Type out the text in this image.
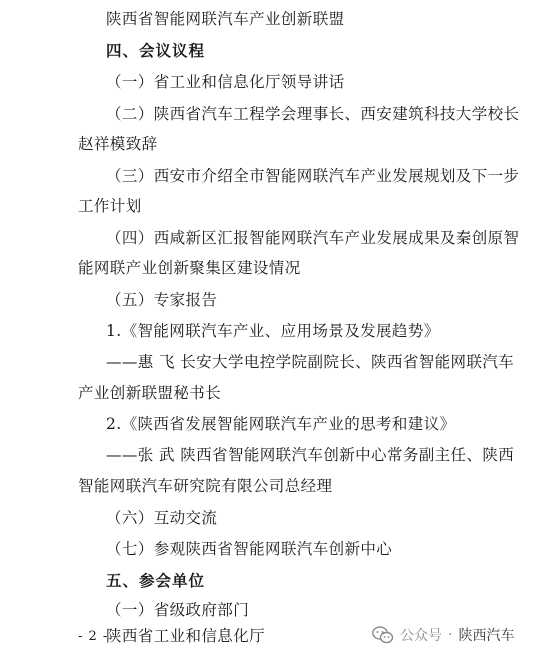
陕西省智能网联汽车产业创新联盟
四、会议议程
（一）省工业和信息化厅领导讲话
（二）陕西省汽车工程学会理事长、西安建筑科技大学校长
赵祥模致辞
（三）西安市介绍全市智能网联汽车产业发展规划及下一步
工作计划
（四）西咸新区汇报智能网联汽车产业发展成果及秦创原智
能网联产业创新聚集区建设情况
（五）专家报告
1.《智能网联汽车产业、应用场景及发展趋势》
——惠 飞 长安大学电控学院副院长、陕西省智能网联汽车
产业创新联盟秘书长
2.《陕西省发展智能网联汽车产业的思考和建议》
——张 武 陕西省智能网联汽车创新中心常务副主任、陕西
智能网联汽车研究院有限公司总经理
（六）互动交流
（七）参观陕西省智能网联汽车创新中心
五、参会单位
（一）省级政府部门
陕西省工业和信息化厅
- 2 -	公众号 · 陕西汽车
